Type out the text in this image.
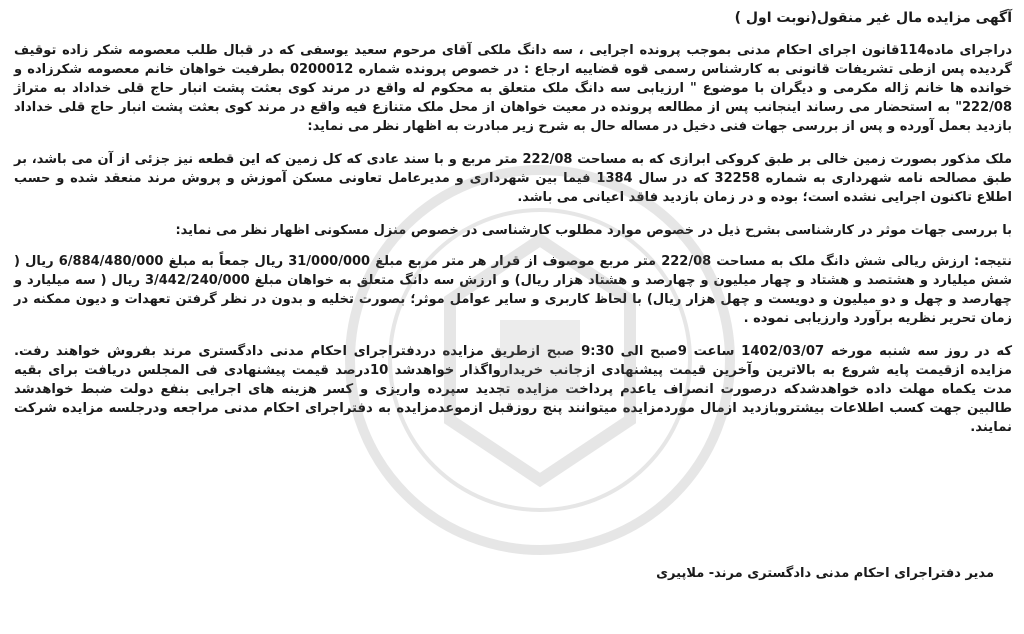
آگهی مزایده مال غیر منقول(نوبت اول )

دراجرای ماده114قانون اجرای احکام مدنی بموجب پرونده اجرایی ، سه دانگ ملکی آقای مرحوم سعید یوسفی که در قبال طلب معصومه شکر زاده توقیف گردیده پس ازطی تشریفات قانونی به کارشناس رسمی قوه قضاییه ارجاع : در خصوص پرونده شماره 0200012 بطرفیت خواهان خانم معصومه شکرزاده و خوانده ها خانم ژاله مکرمی و دیگران با موضوع " ارزیابی سه دانگ ملک متعلق به محکوم له واقع در مرند کوی بعثت پشت انبار حاج قلی خداداد به متراژ 222/08" به استحضار می رساند اینجانب پس از مطالعه پرونده در معیت خواهان از محل ملک متنازع فیه واقع در مرند کوی بعثت پشت انبار حاج قلی خداداد بازدید بعمل آورده و پس از بررسی جهات فنی دخیل در مساله حال به شرح زیر مبادرت به اظهار نظر می نماید:

ملک مذکور بصورت زمین خالی بر طبق کروکی ابرازی که به مساحت 222/08 متر مربع و با سند عادی که کل زمین که این قطعه نیز جزئی از آن می باشد، بر طبق مصالحه نامه شهرداری به شماره 32258 که در سال 1384 فیما بین شهرداری و مدیرعامل تعاونی مسکن آموزش و پروش مرند منعقد شده و حسب اطلاع تاکنون اجرایی نشده است؛ بوده و در زمان بازدید فاقد اعیانی می باشد.

با بررسی جهات موثر در کارشناسی بشرح ذیل در خصوص موارد مطلوب کارشناسی در خصوص منزل مسکونی اظهار نظر می نماید:

نتیجه: ارزش ریالی شش دانگ ملک به مساحت 222/08 متر مربع موصوف از قرار هر متر مربع مبلغ 31/000/000 ریال جمعاً به مبلغ 6/884/480/000 ریال ( شش میلیارد و هشتصد و هشتاد و چهار میلیون و چهارصد و هشتاد هزار ریال) و ارزش سه دانگ متعلق به خواهان مبلغ 3/442/240/000 ریال ( سه میلیارد و چهارصد و چهل و دو میلیون و دویست و چهل هزار ریال) با لحاظ کاربری و سایر عوامل موثر؛ بصورت تخلیه و بدون در نظر گرفتن تعهدات و دیون ممکنه در زمان تحریر نظریه برآورد وارزیابی نموده .

که در روز سه شنبه مورخه 1402/03/07 ساعت 9صبح الی 9:30 صبح ازطریق مزایده دردفتراجرای احکام مدنی دادگستری مرند بفروش خواهند رفت. مزایده ازقیمت پایه شروع به بالاترین وآخرین قیمت پیشنهادی ازجانب خریدارواگذار خواهدشد 10درصد قیمت پیشنهادی فی المجلس دریافت برای بقیه مدت یکماه مهلت داده خواهدشدکه درصورت انصراف یاعدم پرداخت مزایده تجدید سپرده واریزی و کسر هزینه های اجرایی بنفع دولت ضبط خواهدشد طالبین جهت کسب اطلاعات بیشتروبازدید ازمال موردمزایده میتوانند پنج روزقبل ازموعدمزایده به دفتراجرای احکام مدنی مراجعه ودرجلسه مزایده شرکت نمایند.

مدیر دفتراجرای احکام مدنی دادگستری مرند- ملاپیری
